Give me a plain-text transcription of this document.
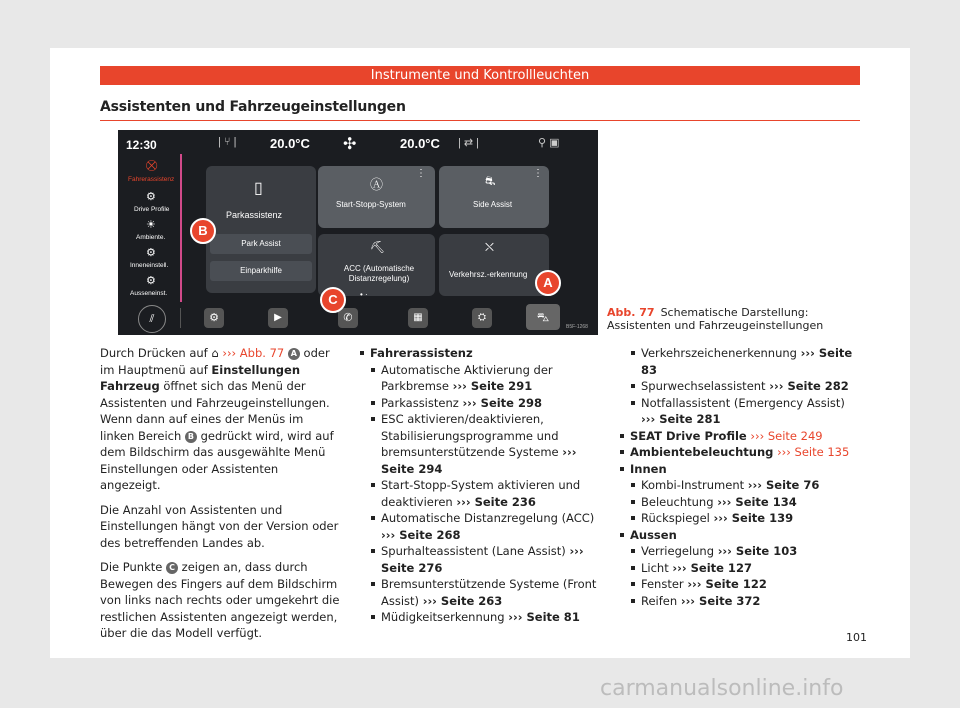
Instrumente und Kontrollleuchten
Assistenten und Fahrzeugeinstellungen
12:30	| ⑂ |	20.0°C ✣	20.0°C | ⇄ |	⚲ ▣
⛒
Fahrerassistenz
⚙
Drive Profile
☀
Ambiente.
⚙
Inneneinstell.
⚙
Ausseneinst.
▯
Parkassistenz
Park Assist
Einparkhilfe
Ⓐ
Start-Stopp-System
⋮
⛐
Side Assist
⋮
⛏
ACC (Automatische Distanzregelung)
⛌
Verkehrsz.-erkennung
• ·
⫽	⚙	▶	✆	▦	⛭	⛍
B5F-1268
B
C
A
Abb. 77 Schematische Darstellung: Assistenten und Fahrzeugeinstellungen

Durch Drücken auf ⌂ ››› Abb. 77 A oder im Hauptmenü auf Einstellungen Fahrzeug öffnet sich das Menü der Assistenten und Fahrzeugeinstellungen. Wenn dann auf eines der Menüs im linken Bereich B gedrückt wird, wird auf dem Bildschirm das ausgewählte Menü Einstellungen oder Assistenten angezeigt.

Die Anzahl von Assistenten und Einstellungen hängt von der Version oder des betreffenden Landes ab.

Die Punkte C zeigen an, dass durch Bewegen des Fingers auf dem Bildschirm von links nach rechts oder umgekehrt die restlichen Assistenten angezeigt werden, über die das Modell verfügt.

Fahrerassistenz
Automatische Aktivierung der Parkbremse ››› Seite 291
Parkassistenz ››› Seite 298
ESC aktivieren/deaktivieren, Stabilisierungsprogramme und bremsunterstützende Systeme ››› Seite 294
Start-Stopp-System aktivieren und deaktivieren ››› Seite 236
Automatische Distanzregelung (ACC) ››› Seite 268
Spurhalteassistent (Lane Assist) ››› Seite 276
Bremsunterstützende Systeme (Front Assist) ››› Seite 263
Müdigkeitserkennung ››› Seite 81
Verkehrszeichenerkennung ››› Seite 83
Spurwechselassistent ››› Seite 282
Notfallassistent (Emergency Assist) ››› Seite 281
SEAT Drive Profile ››› Seite 249
Ambientebeleuchtung ››› Seite 135
Innen
Kombi-Instrument ››› Seite 76
Beleuchtung ››› Seite 134
Rückspiegel ››› Seite 139
Aussen
Verriegelung ››› Seite 103
Licht ››› Seite 127
Fenster ››› Seite 122
Reifen ››› Seite 372
101
carmanualsonline.info
